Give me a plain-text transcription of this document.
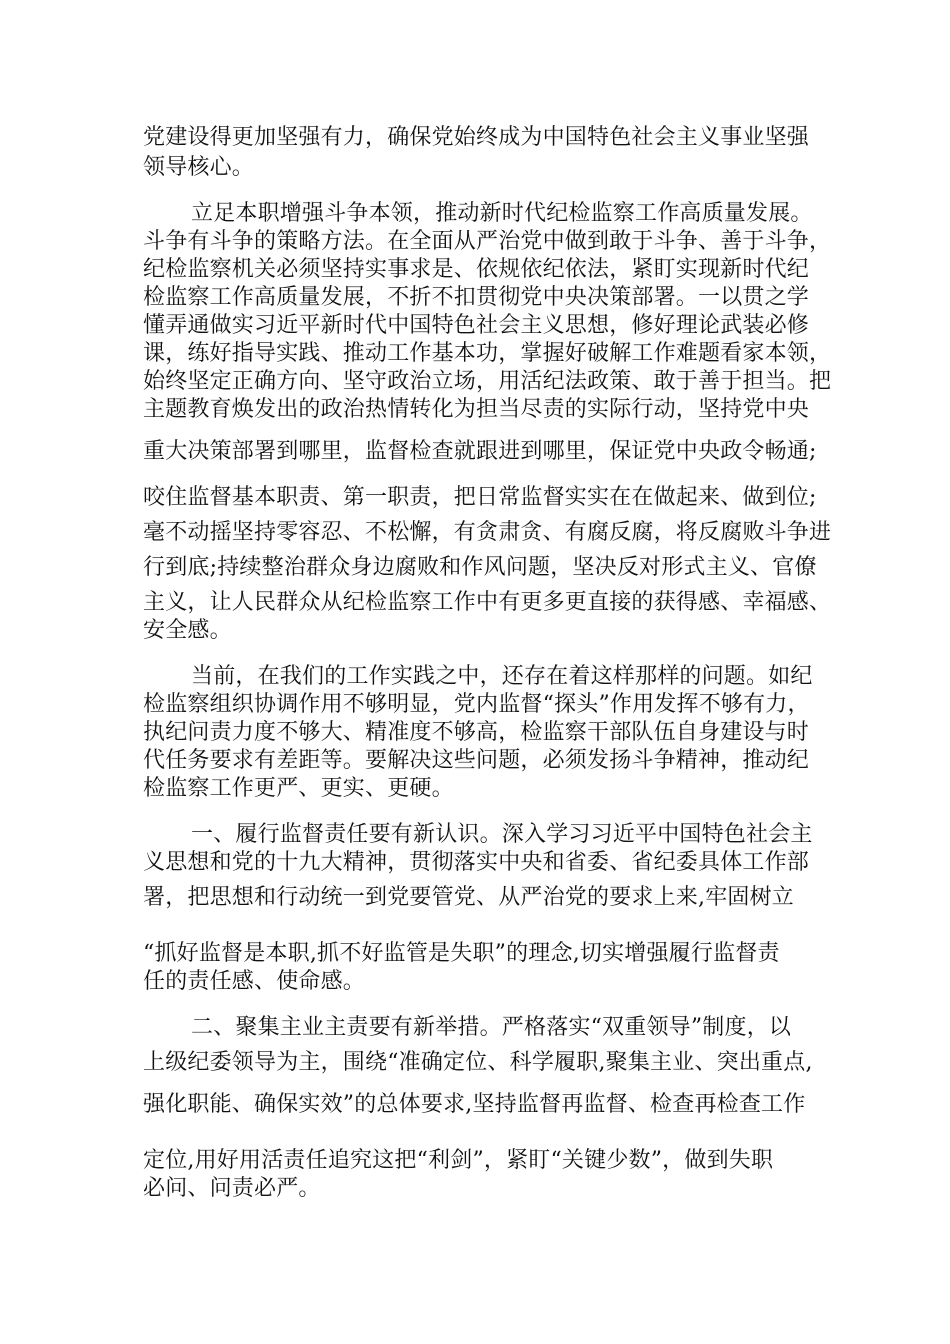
党建设得更加坚强有力，确保党始终成为中国特色社会主义事业坚强
领导核心。
立足本职增强斗争本领，推动新时代纪检监察工作高质量发展。
斗争有斗争的策略方法。在全面从严治党中做到敢于斗争、善于斗争，
纪检监察机关必须坚持实事求是、依规依纪依法，紧盯实现新时代纪
检监察工作高质量发展，不折不扣贯彻党中央决策部署。一以贯之学
懂弄通做实习近平新时代中国特色社会主义思想，修好理论武装必修
课，练好指导实践、推动工作基本功，掌握好破解工作难题看家本领，
始终坚定正确方向、坚守政治立场，用活纪法政策、敢于善于担当。把
主题教育焕发出的政治热情转化为担当尽责的实际行动，坚持党中央
重大决策部署到哪里，监督检查就跟进到哪里，保证党中央政令畅通;
咬住监督基本职责、第一职责，把日常监督实实在在做起来、做到位;
毫不动摇坚持零容忍、不松懈，有贪肃贪、有腐反腐，将反腐败斗争进
行到底;持续整治群众身边腐败和作风问题，坚决反对形式主义、官僚
主义，让人民群众从纪检监察工作中有更多更直接的获得感、幸福感、
安全感。
当前，在我们的工作实践之中，还存在着这样那样的问题。如纪
检监察组织协调作用不够明显，党内监督“探头”作用发挥不够有力，
执纪问责力度不够大、精准度不够高，检监察干部队伍自身建设与时
代任务要求有差距等。要解决这些问题，必须发扬斗争精神，推动纪
检监察工作更严、更实、更硬。
一、履行监督责任要有新认识。深入学习习近平中国特色社会主
义思想和党的十九大精神，贯彻落实中央和省委、省纪委具体工作部
署，把思想和行动统一到党要管党、从严治党的要求上来,牢固树立
“抓好监督是本职,抓不好监管是失职”的理念,切实增强履行监督责
任的责任感、使命感。
二、聚集主业主责要有新举措。严格落实“双重领导”制度，以
上级纪委领导为主，围绕“准确定位、科学履职,聚集主业、突出重点,
强化职能、确保实效”的总体要求,坚持监督再监督、检查再检查工作
定位,用好用活责任追究这把“利剑”，紧盯“关键少数”，做到失职
必问、问责必严。
